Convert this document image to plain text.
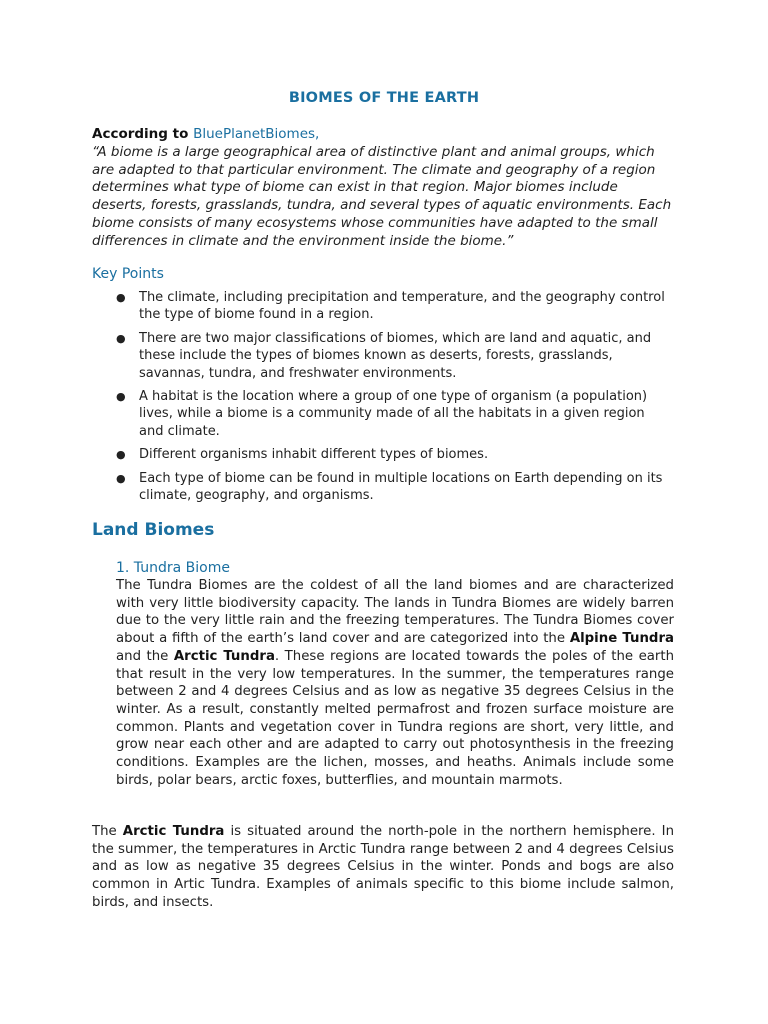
BIOMES OF THE EARTH
According to BluePlanetBiomes,
“A biome is a large geographical area of distinctive plant and animal groups, which are adapted to that particular environment. The climate and geography of a region determines what type of biome can exist in that region. Major biomes include deserts, forests, grasslands, tundra, and several types of aquatic environments. Each biome consists of many ecosystems whose communities have adapted to the small differences in climate and the environment inside the biome.”
Key Points
● The climate, including precipitation and temperature, and the geography control the type of biome found in a region.
● There are two major classifications of biomes, which are land and aquatic, and these include the types of biomes known as deserts, forests, grasslands, savannas, tundra, and freshwater environments.
● A habitat is the location where a group of one type of organism (a population) lives, while a biome is a community made of all the habitats in a given region and climate.
● Different organisms inhabit different types of biomes.
● Each type of biome can be found in multiple locations on Earth depending on its climate, geography, and organisms.
Land Biomes
1. Tundra Biome

The Tundra Biomes are the coldest of all the land biomes and are characterized with very little biodiversity capacity. The lands in Tundra Biomes are widely barren due to the very little rain and the freezing temperatures. The Tundra Biomes cover about a fifth of the earth’s land cover and are categorized into the Alpine Tundra and the Arctic Tundra. These regions are located towards the poles of the earth that result in the very low temperatures. In the summer, the temperatures range between 2 and 4 degrees Celsius and as low as negative 35 degrees Celsius in the winter. As a result, constantly melted permafrost and frozen surface moisture are common. Plants and vegetation cover in Tundra regions are short, very little, and grow near each other and are adapted to carry out photosynthesis in the freezing conditions. Examples are the lichen, mosses, and heaths. Animals include some birds, polar bears, arctic foxes, butterflies, and mountain marmots.

The Arctic Tundra is situated around the north-pole in the northern hemisphere. In the summer, the temperatures in Arctic Tundra range between 2 and 4 degrees Celsius and as low as negative 35 degrees Celsius in the winter. Ponds and bogs are also common in Artic Tundra. Examples of animals specific to this biome include salmon, birds, and insects.
